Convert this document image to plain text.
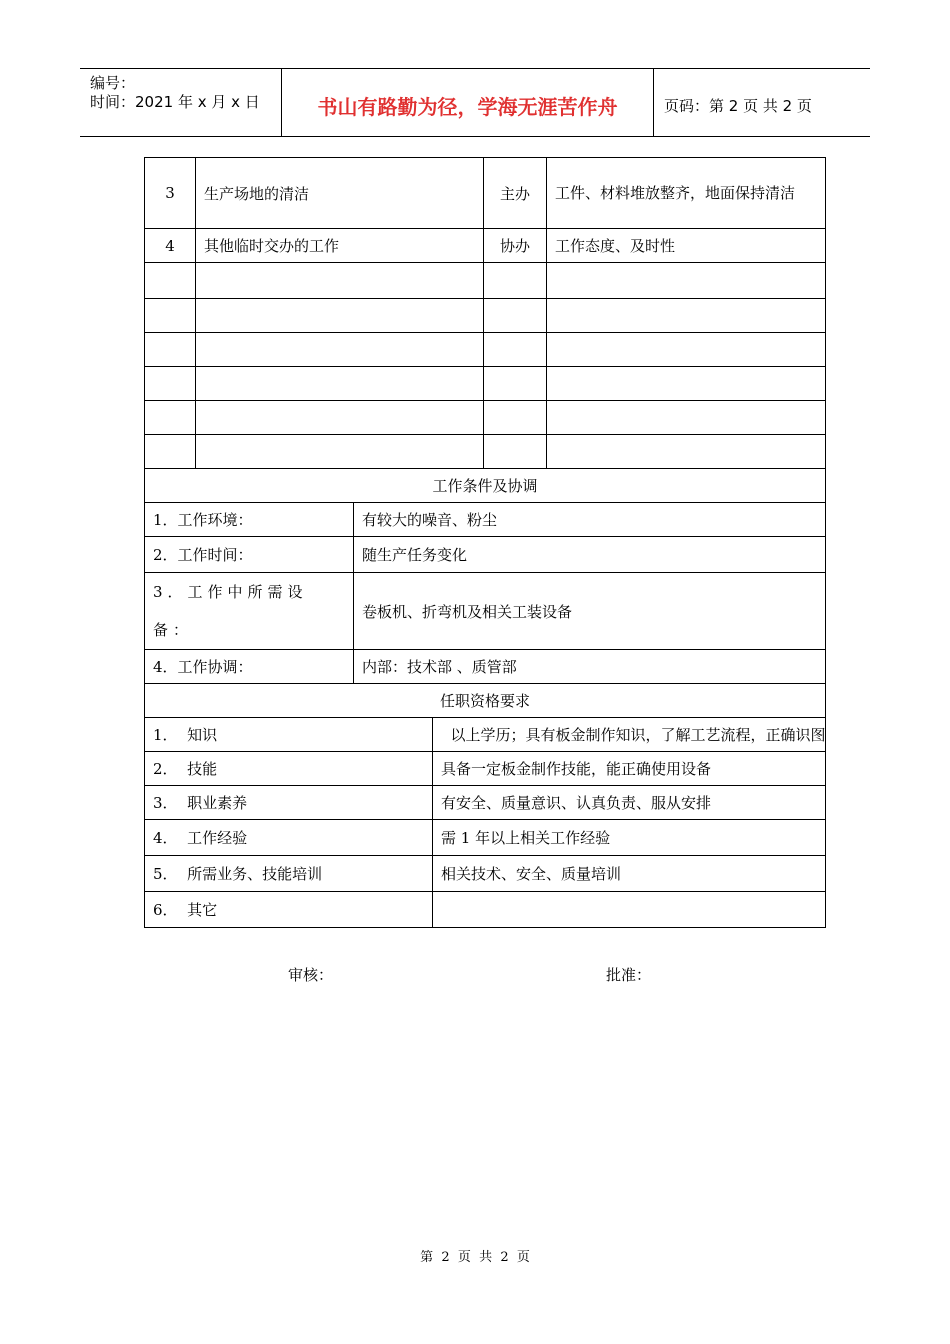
编号：
时间：2021 年 x 月 x 日	书山有路勤为径，学海无涯苦作舟	页码：第 2 页 共 2 页
3	生产场地的清洁			主办	工件、材料堆放整齐，地面保持清洁
4	其他临时交办的工作			协办	工作态度、及时性

工作条件及协调					
1．工作环境：		有较大的噪音、粉尘			
2．工作时间：		随生产任务变化			
3．工作中所需设备：		卷板机、折弯机及相关工装设备			
4．工作协调：		内部：技术部 、质管部			
任职资格要求					
1．  知识			以上学历；具有板金制作知识，了解工艺流程，正确识图		
2．  技能			具备一定板金制作技能，能正确使用设备		
3．  职业素养			有安全、质量意识、认真负责、服从安排		
4．  工作经验			需 1 年以上相关工作经验		
5．  所需业务、技能培训			相关技术、安全、质量培训		
6．  其它					
审核：	批准：
第  2  页  共  2  页
